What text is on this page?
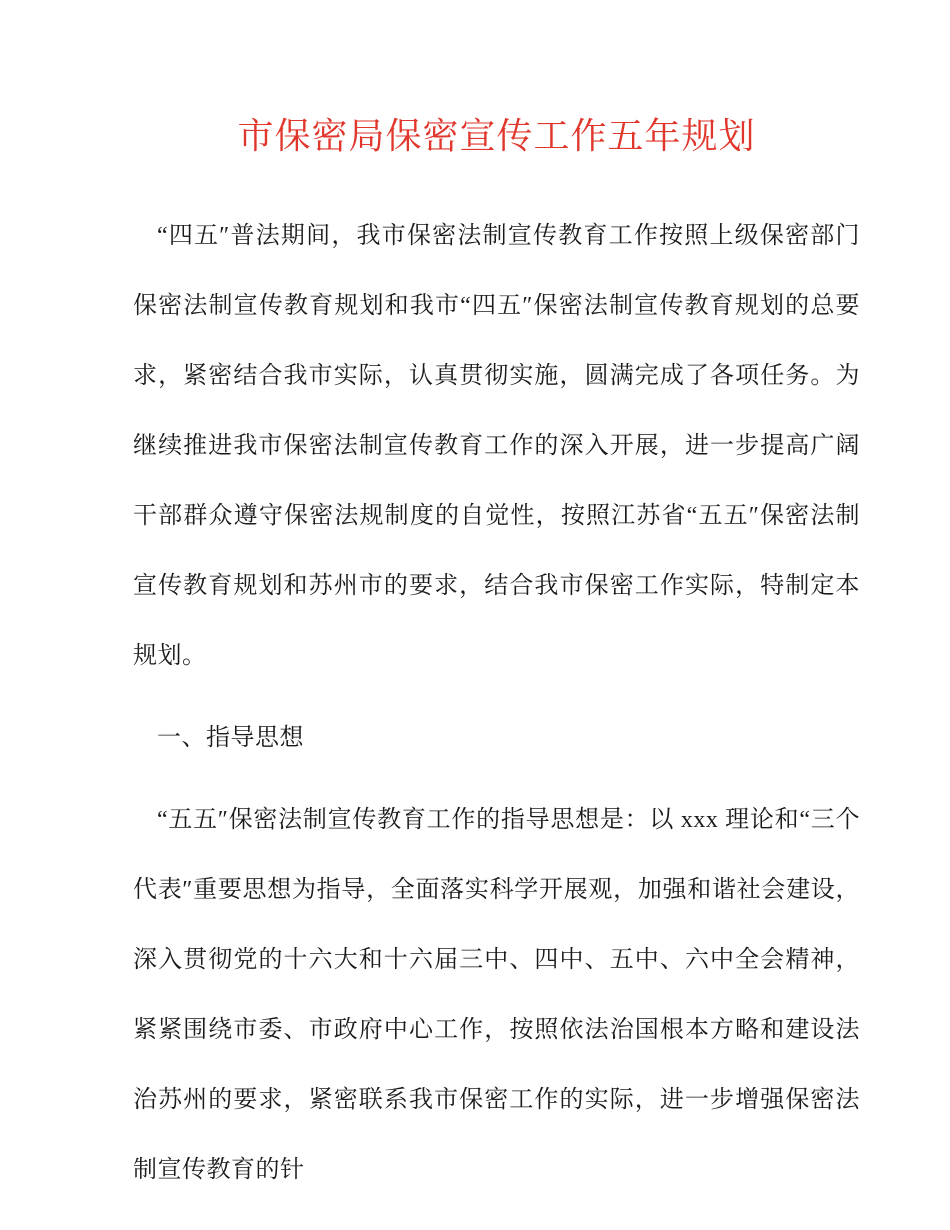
市保密局保密宣传工作五年规划

“四五″普法期间，我市保密法制宣传教育工作按照上级保密部门保密法制宣传教育规划和我市“四五″保密法制宣传教育规划的总要求，紧密结合我市实际，认真贯彻实施，圆满完成了各项任务。为继续推进我市保密法制宣传教育工作的深入开展，进一步提高广阔干部群众遵守保密法规制度的自觉性，按照江苏省“五五″保密法制宣传教育规划和苏州市的要求，结合我市保密工作实际，特制定本规划。

一、指导思想

“五五″保密法制宣传教育工作的指导思想是：以 xxx 理论和“三个代表″重要思想为指导，全面落实科学开展观，加强和谐社会建设，深入贯彻党的十六大和十六届三中、四中、五中、六中全会精神，紧紧围绕市委、市政府中心工作，按照依法治国根本方略和建设法治苏州的要求，紧密联系我市保密工作的实际，进一步增强保密法制宣传教育的针
